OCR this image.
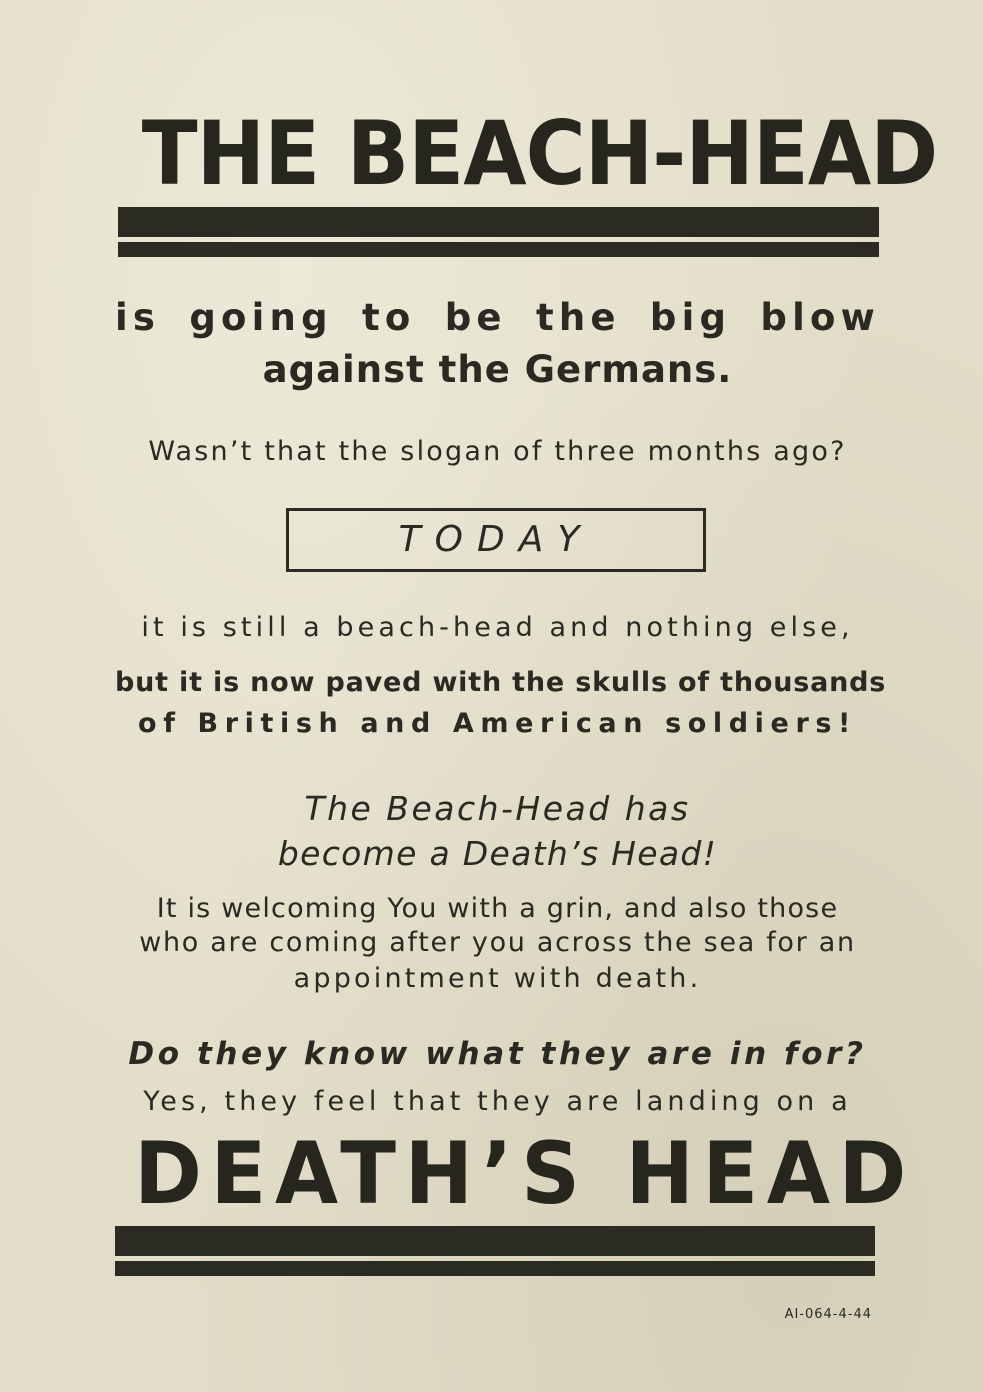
THE BEACH-HEAD
is going to be the big blow
against the Germans.
Wasn’t that the slogan of three months ago?
TODAY
it is still a beach-head and nothing else,
but it is now paved with the skulls of thousands
of British and American soldiers!
The Beach-Head has
become a Death’s Head!
It is welcoming You with a grin, and also those
who are coming after you across the sea for an
appointment with death.
Do they know what they are in for?
Yes, they feel that they are landing on a
DEATH’S HEAD
AI-064-4-44
